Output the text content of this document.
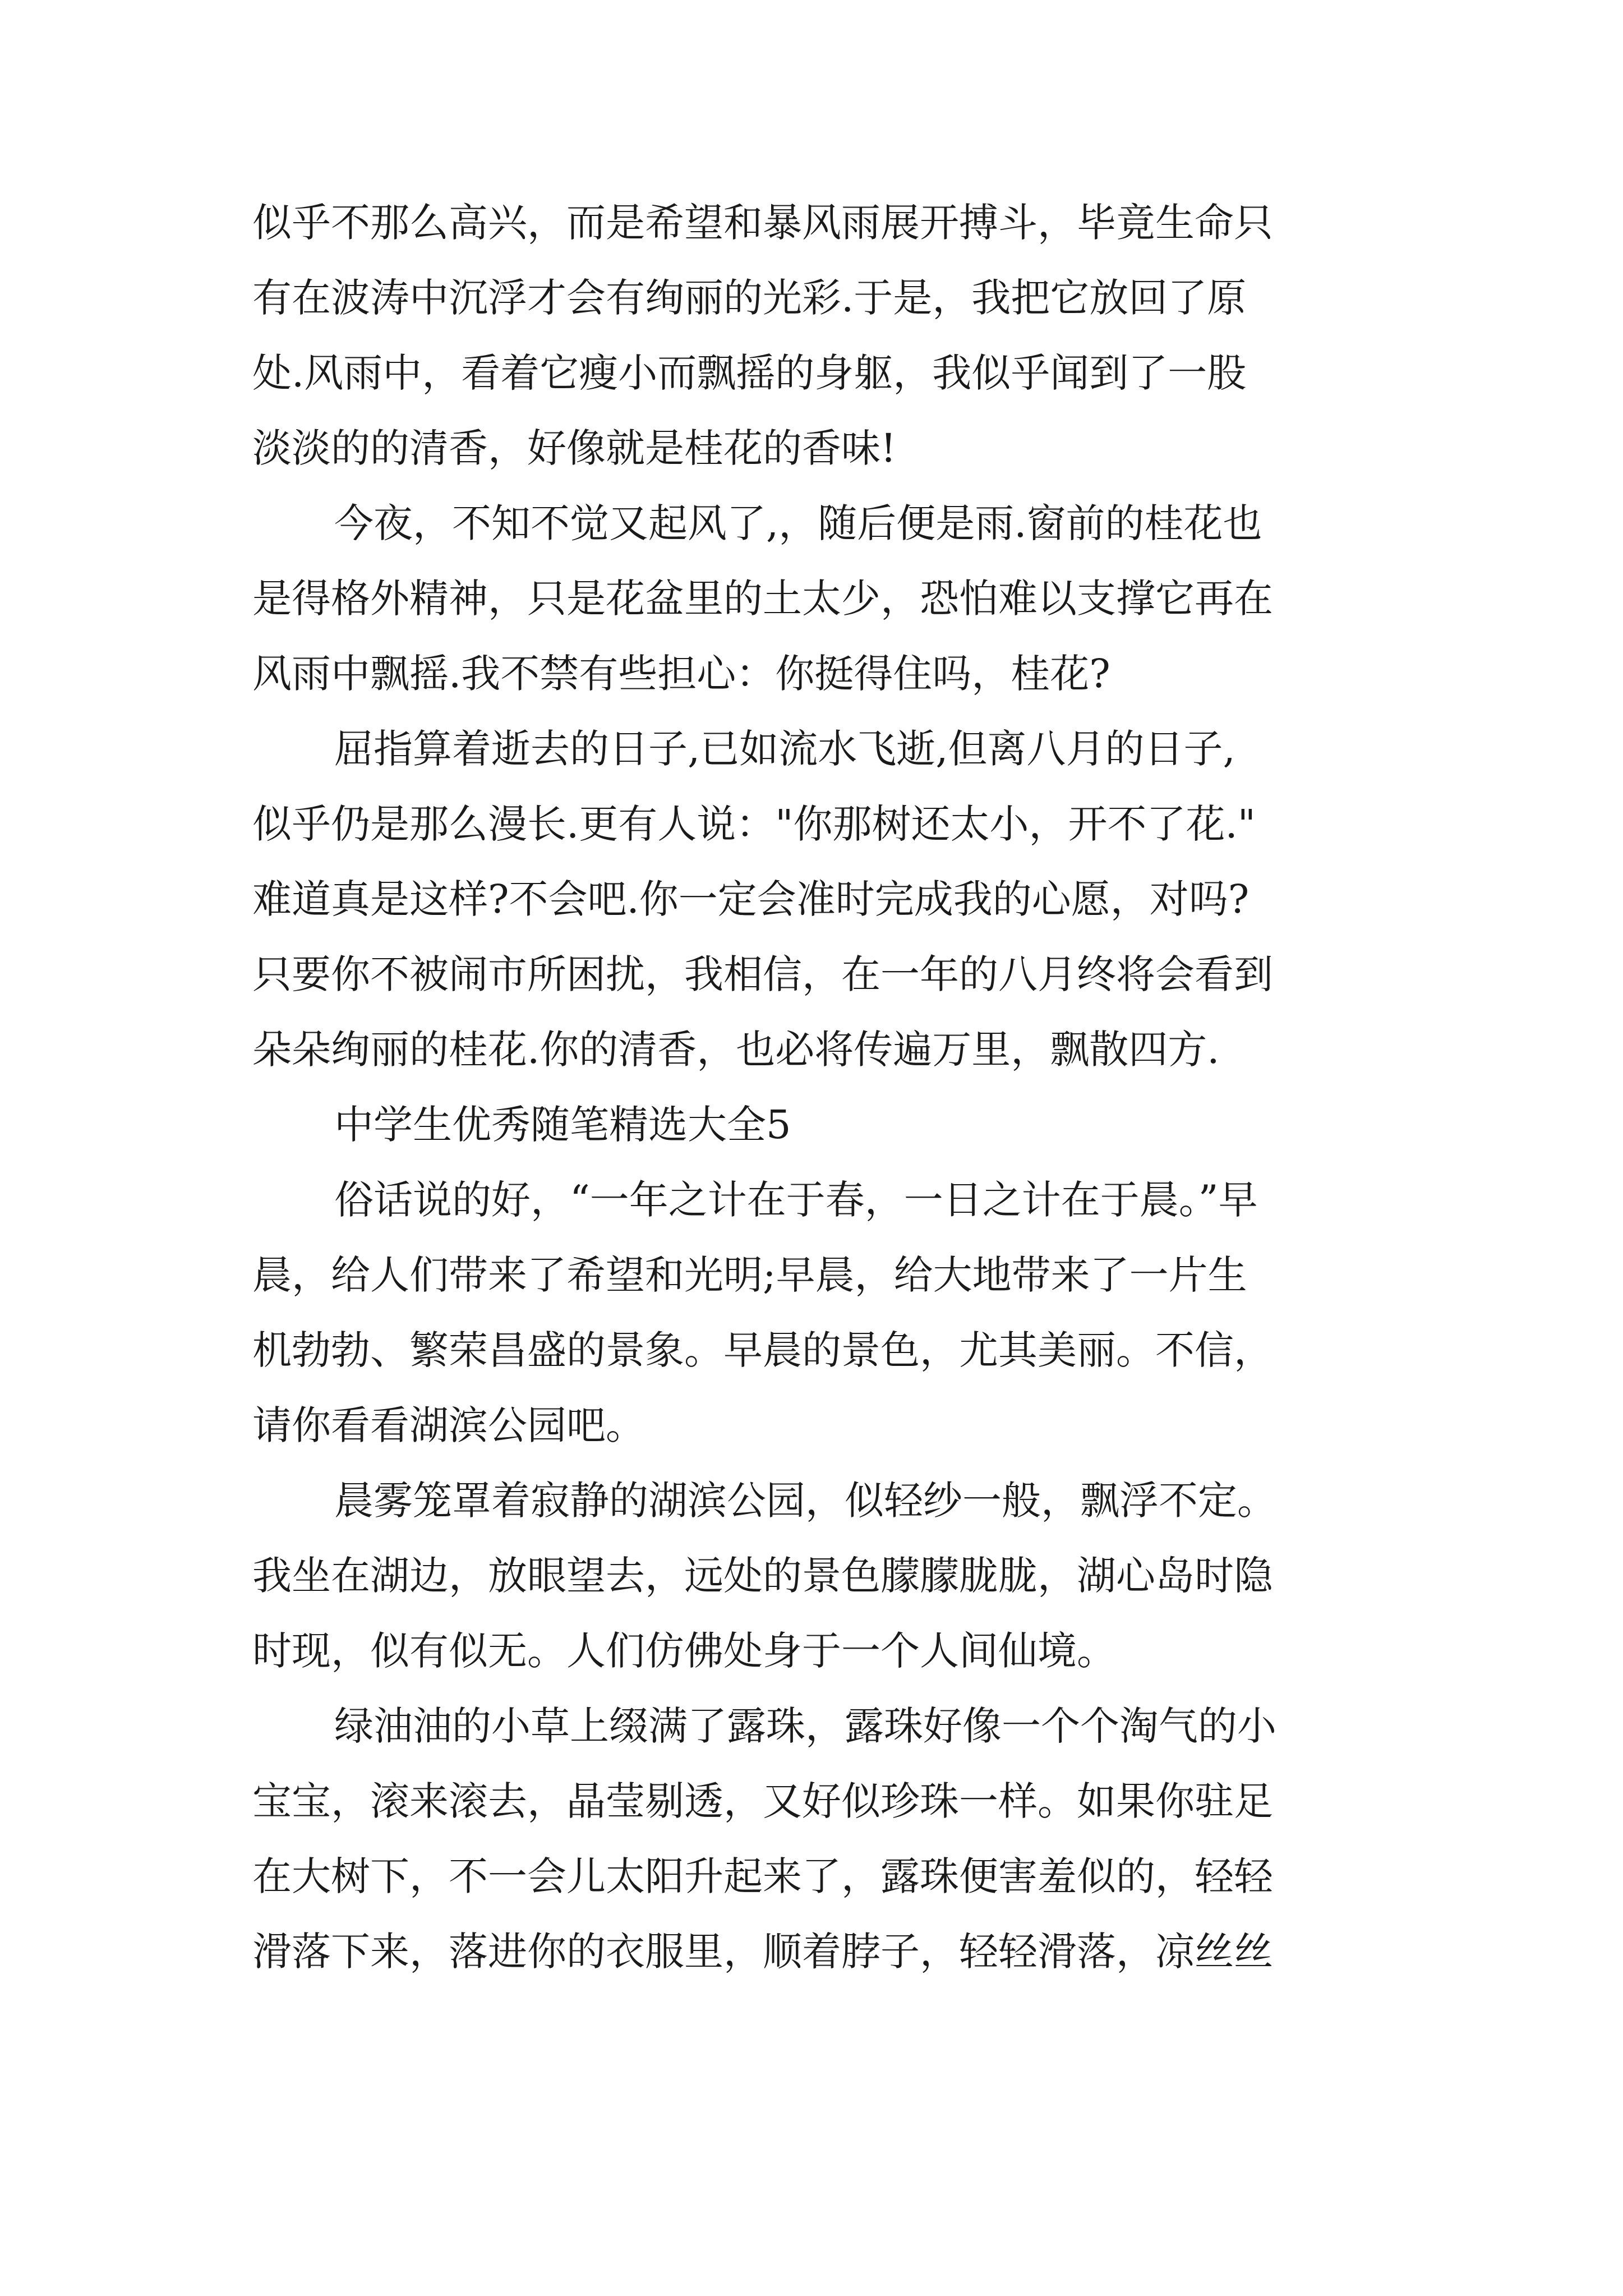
似乎不那么高兴，而是希望和暴风雨展开搏斗，毕竟生命只
有在波涛中沉浮才会有绚丽的光彩.于是，我把它放回了原
处.风雨中，看着它瘦小而飘摇的身躯，我似乎闻到了一股
淡淡的的清香，好像就是桂花的香味!
今夜，不知不觉又起风了,，随后便是雨.窗前的桂花也
是得格外精神，只是花盆里的土太少，恐怕难以支撑它再在
风雨中飘摇.我不禁有些担心：你挺得住吗，桂花?
屈指算着逝去的日子,已如流水飞逝,但离八月的日子,
似乎仍是那么漫长.更有人说："你那树还太小，开不了花."
难道真是这样?不会吧.你一定会准时完成我的心愿，对吗?
只要你不被闹市所困扰，我相信，在一年的八月终将会看到
朵朵绚丽的桂花.你的清香，也必将传遍万里，飘散四方.
中学生优秀随笔精选大全5
俗话说的好，“一年之计在于春，一日之计在于晨。”早
晨，给人们带来了希望和光明;早晨，给大地带来了一片生
机勃勃、繁荣昌盛的景象。早晨的景色，尤其美丽。不信，
请你看看湖滨公园吧。
晨雾笼罩着寂静的湖滨公园，似轻纱一般，飘浮不定。
我坐在湖边，放眼望去，远处的景色朦朦胧胧，湖心岛时隐
时现，似有似无。人们仿佛处身于一个人间仙境。
绿油油的小草上缀满了露珠，露珠好像一个个淘气的小
宝宝，滚来滚去，晶莹剔透，又好似珍珠一样。如果你驻足
在大树下，不一会儿太阳升起来了，露珠便害羞似的，轻轻
滑落下来，落进你的衣服里，顺着脖子，轻轻滑落，凉丝丝
